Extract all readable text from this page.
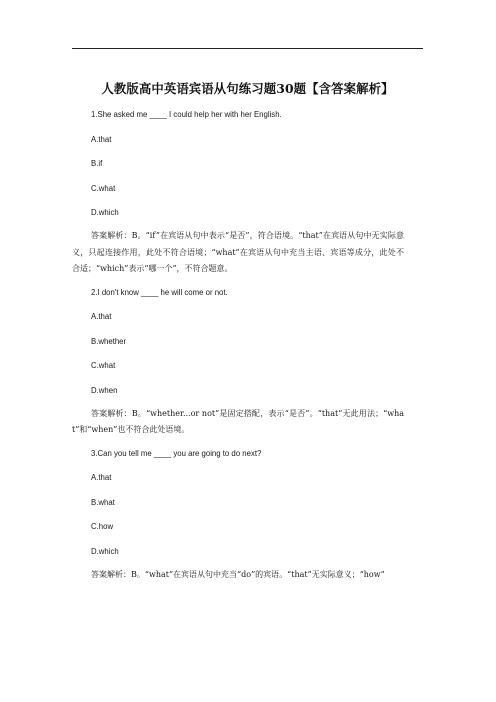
人教版高中英语宾语从句练习题30题【含答案解析】
1.She asked me ____ I could help her with her English.
A.that
B.if
C.what
D.which
答案解析：B。“if”在宾语从句中表示“是否”，符合语境。“that”在宾语从句中无实际意义，只起连接作用，此处不符合语境；“what”在宾语从句中充当主语、宾语等成分，此处不合适；“which”表示“哪一个”，不符合题意。
2.I don't know ____ he will come or not.
A.that
B.whether
C.what
D.when
答案解析：B。“whether...or not”是固定搭配，表示“是否”。“that”无此用法；“what”和“when”也不符合此处语境。
3.Can you tell me ____ you are going to do next?
A.that
B.what
C.how
D.which
答案解析：B。“what”在宾语从句中充当“do”的宾语。“that”无实际意义；“how”
